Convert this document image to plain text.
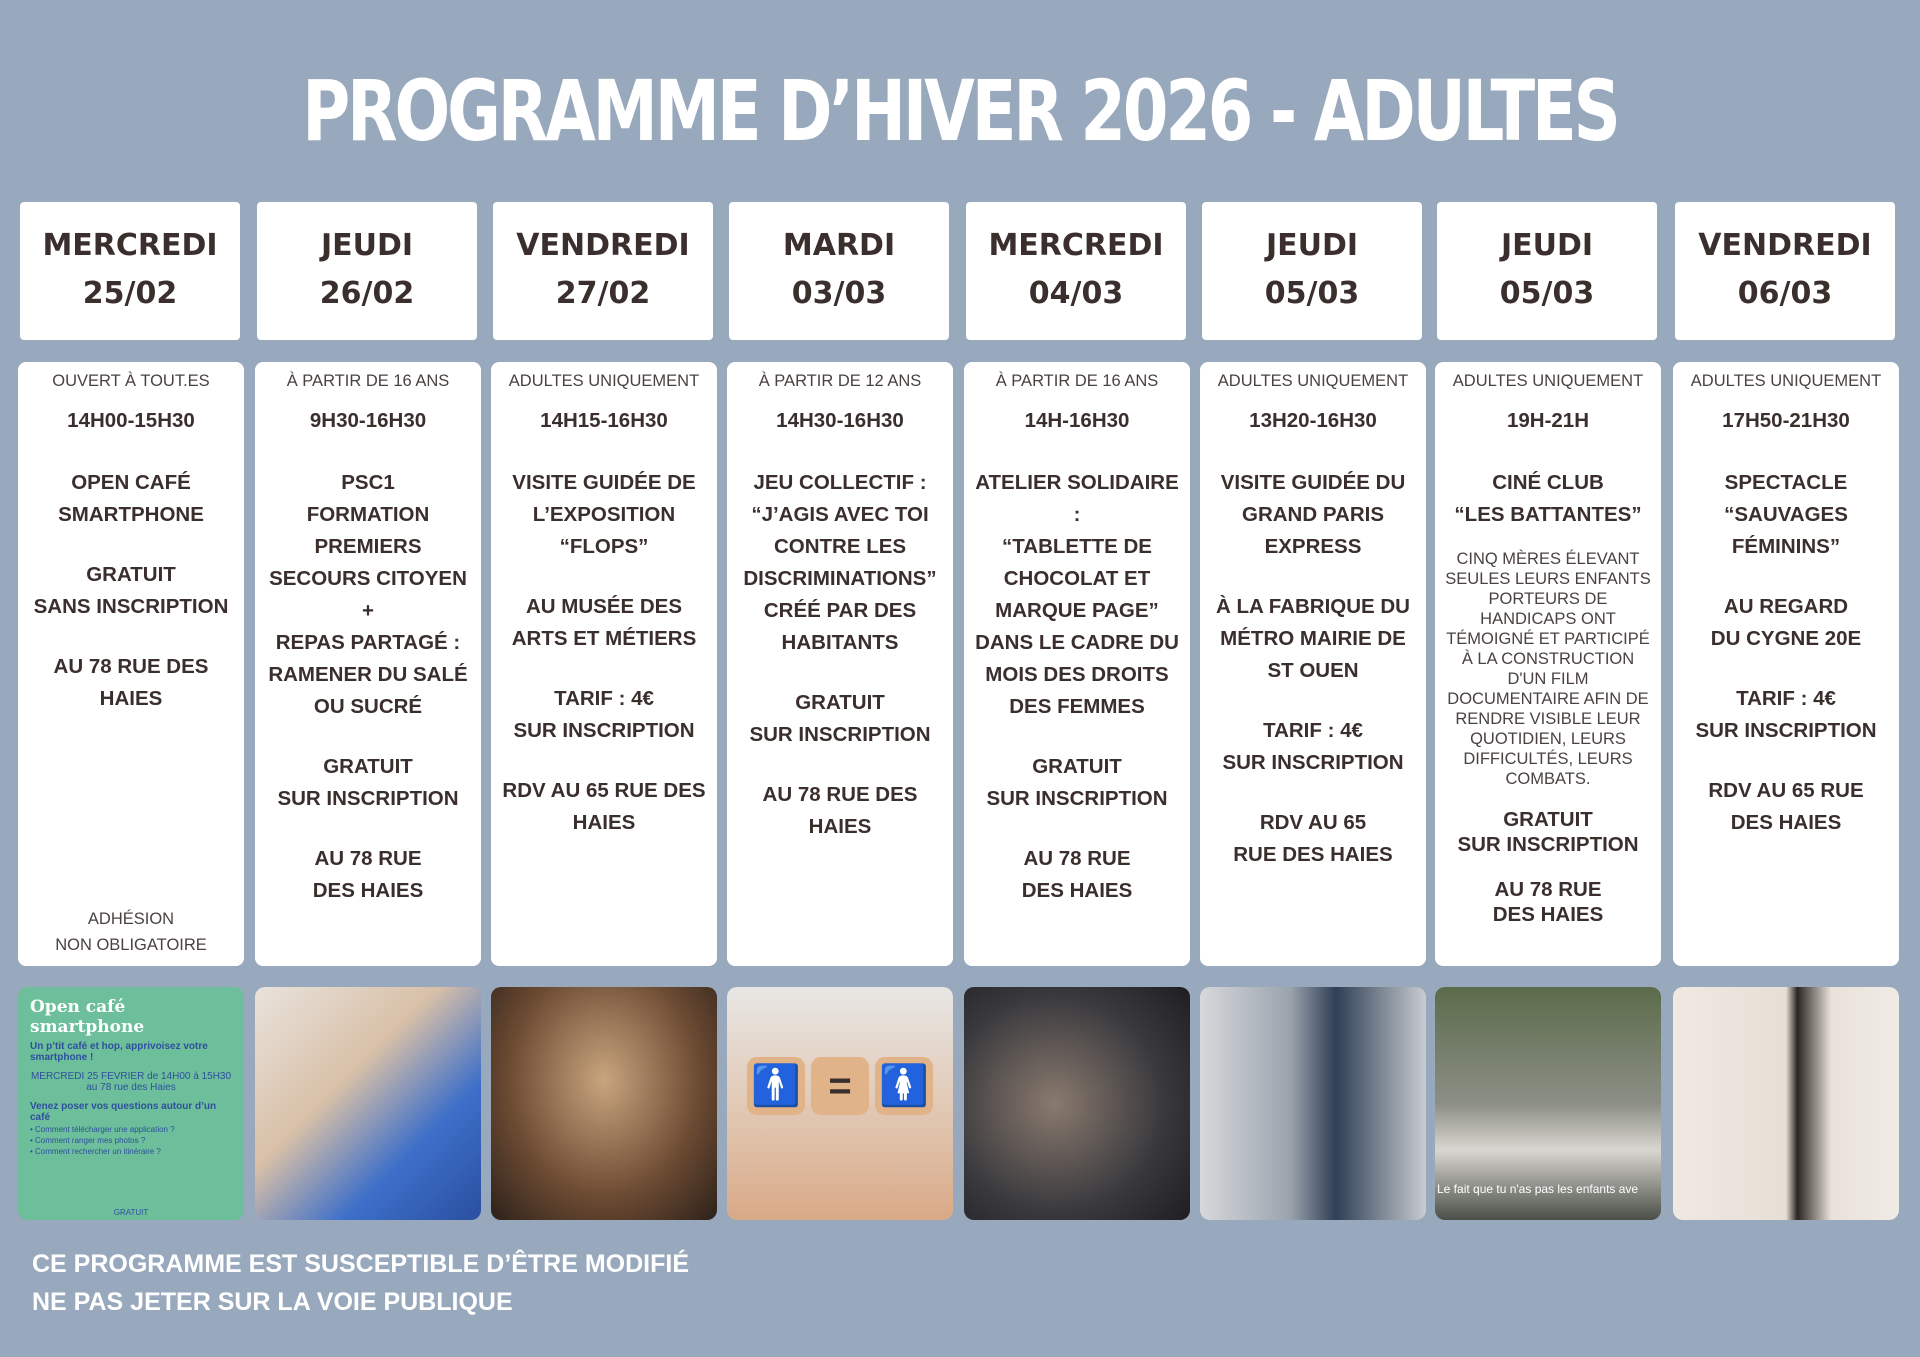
PROGRAMME D’HIVER 2026 - ADULTES
MERCREDI
25/02
OUVERT À TOUT.ES
14H00-15H30
OPEN CAFÉ
SMARTPHONE
GRATUIT
SANS INSCRIPTION
AU 78 RUE DES
HAIES
ADHÉSION
NON OBLIGATOIRE
Open café smartphone
Un p’tit café et hop, apprivoisez votre smartphone !
MERCREDI 25 FEVRIER de 14H00 à 15H30
au 78 rue des Haies
Venez poser vos questions autour d’un café
• Comment télécharger une application ?
• Comment ranger mes photos ?
• Comment rechercher un itinéraire ?
GRATUIT
JEUDI
26/02
À PARTIR DE 16 ANS
9H30-16H30
PSC1
FORMATION
PREMIERS
SECOURS CITOYEN
+
REPAS PARTAGÉ :
RAMENER DU SALÉ
OU SUCRÉ
GRATUIT
SUR INSCRIPTION
AU 78 RUE
DES HAIES
VENDREDI
27/02
ADULTES UNIQUEMENT
14H15-16H30
VISITE GUIDÉE DE
L’EXPOSITION
“FLOPS”
AU MUSÉE DES
ARTS ET MÉTIERS
TARIF : 4€
SUR INSCRIPTION
RDV AU 65 RUE DES
HAIES
MARDI
03/03
À PARTIR DE 12 ANS
14H30-16H30
JEU COLLECTIF :
“J’AGIS AVEC TOI
CONTRE LES
DISCRIMINATIONS”
CRÉÉ PAR DES
HABITANTS
GRATUIT
SUR INSCRIPTION
AU 78 RUE DES
HAIES
🚹 = 🚺
MERCREDI
04/03
À PARTIR DE 16 ANS
14H-16H30
ATELIER SOLIDAIRE :
“TABLETTE DE
CHOCOLAT ET
MARQUE PAGE”
DANS LE CADRE DU
MOIS DES DROITS
DES FEMMES
GRATUIT
SUR INSCRIPTION
AU 78 RUE
DES HAIES
JEUDI
05/03
ADULTES UNIQUEMENT
13H20-16H30
VISITE GUIDÉE DU
GRAND PARIS
EXPRESS
À LA FABRIQUE DU
MÉTRO MAIRIE DE
ST OUEN
TARIF : 4€
SUR INSCRIPTION
RDV AU 65
RUE DES HAIES
JEUDI
05/03
ADULTES UNIQUEMENT
19H-21H
CINÉ CLUB
“LES BATTANTES”
CINQ MÈRES ÉLEVANT SEULES LEURS ENFANTS PORTEURS DE HANDICAPS ONT TÉMOIGNÉ ET PARTICIPÉ À LA CONSTRUCTION D'UN FILM DOCUMENTAIRE AFIN DE RENDRE VISIBLE LEUR QUOTIDIEN, LEURS DIFFICULTÉS, LEURS COMBATS.
GRATUIT
SUR INSCRIPTION
AU 78 RUE
DES HAIES
Le fait que tu n'as pas les enfants ave
VENDREDI
06/03
ADULTES UNIQUEMENT
17H50-21H30
SPECTACLE
“SAUVAGES
FÉMININS”
AU REGARD
DU CYGNE 20E
TARIF : 4€
SUR INSCRIPTION
RDV AU 65 RUE
DES HAIES
CE PROGRAMME EST SUSCEPTIBLE D’ÊTRE MODIFIÉ
NE PAS JETER SUR LA VOIE PUBLIQUE
